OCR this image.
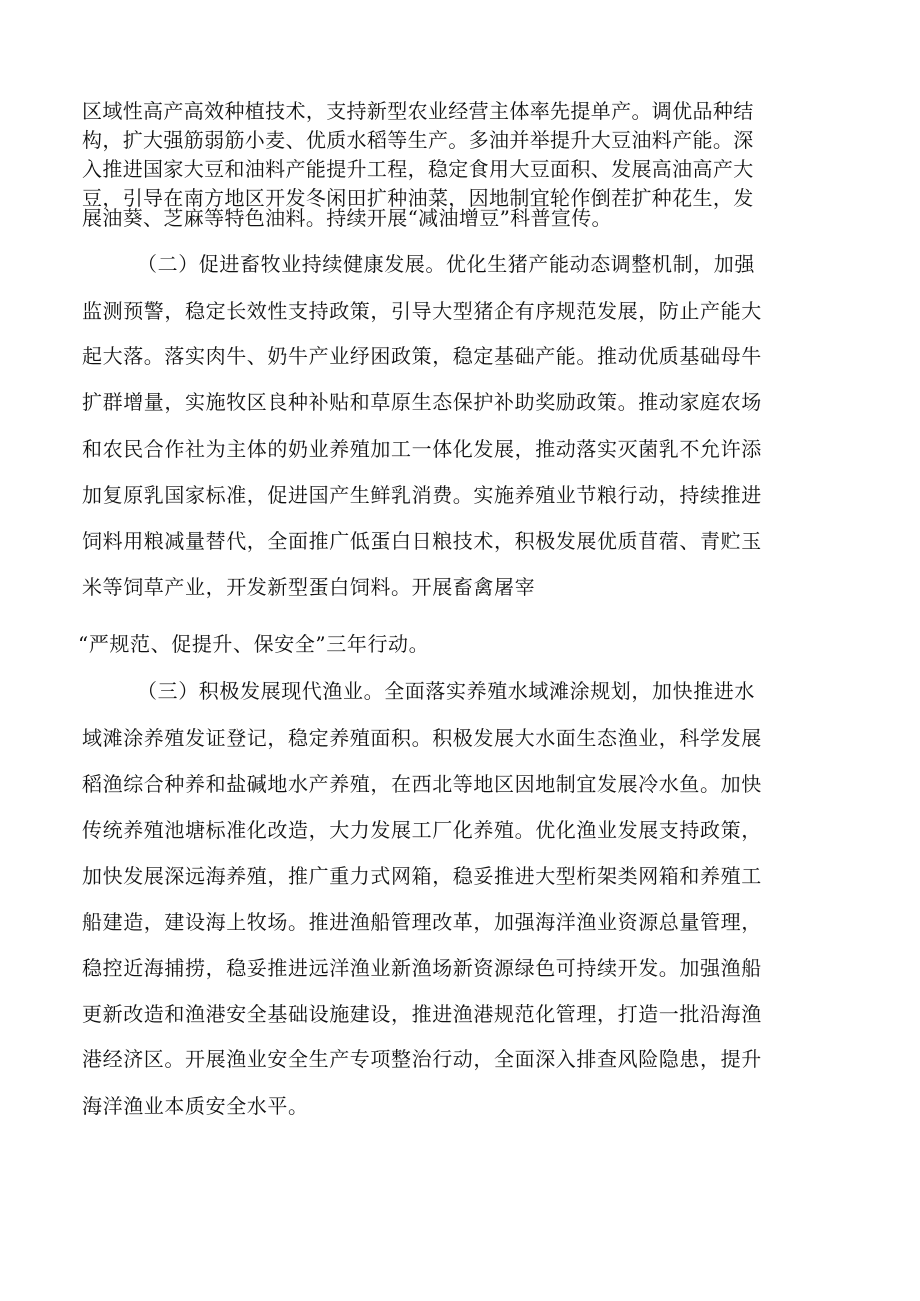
区域性高产高效种植技术，支持新型农业经营主体率先提单产。调优品种结
构，扩大强筋弱筋小麦、优质水稻等生产。多油并举提升大豆油料产能。深
入推进国家大豆和油料产能提升工程，稳定食用大豆面积、发展高油高产大
豆，引导在南方地区开发冬闲田扩种油菜，因地制宜轮作倒茬扩种花生，发
展油葵、芝麻等特色油料。持续开展“减油增豆”科普宣传。
（二）促进畜牧业持续健康发展。优化生猪产能动态调整机制，加强
监测预警，稳定长效性支持政策，引导大型猪企有序规范发展，防止产能大
起大落。落实肉牛、奶牛产业纾困政策，稳定基础产能。推动优质基础母牛
扩群增量，实施牧区良种补贴和草原生态保护补助奖励政策。推动家庭农场
和农民合作社为主体的奶业养殖加工一体化发展，推动落实灭菌乳不允许添
加复原乳国家标准，促进国产生鲜乳消费。实施养殖业节粮行动，持续推进
饲料用粮减量替代，全面推广低蛋白日粮技术，积极发展优质苜蓿、青贮玉
米等饲草产业，开发新型蛋白饲料。开展畜禽屠宰
“严规范、促提升、保安全”三年行动。
（三）积极发展现代渔业。全面落实养殖水域滩涂规划，加快推进水
域滩涂养殖发证登记，稳定养殖面积。积极发展大水面生态渔业，科学发展
稻渔综合种养和盐碱地水产养殖，在西北等地区因地制宜发展冷水鱼。加快
传统养殖池塘标准化改造，大力发展工厂化养殖。优化渔业发展支持政策，
加快发展深远海养殖，推广重力式网箱，稳妥推进大型桁架类网箱和养殖工
船建造，建设海上牧场。推进渔船管理改革，加强海洋渔业资源总量管理，
稳控近海捕捞，稳妥推进远洋渔业新渔场新资源绿色可持续开发。加强渔船
更新改造和渔港安全基础设施建设，推进渔港规范化管理，打造一批沿海渔
港经济区。开展渔业安全生产专项整治行动，全面深入排查风险隐患，提升
海洋渔业本质安全水平。
